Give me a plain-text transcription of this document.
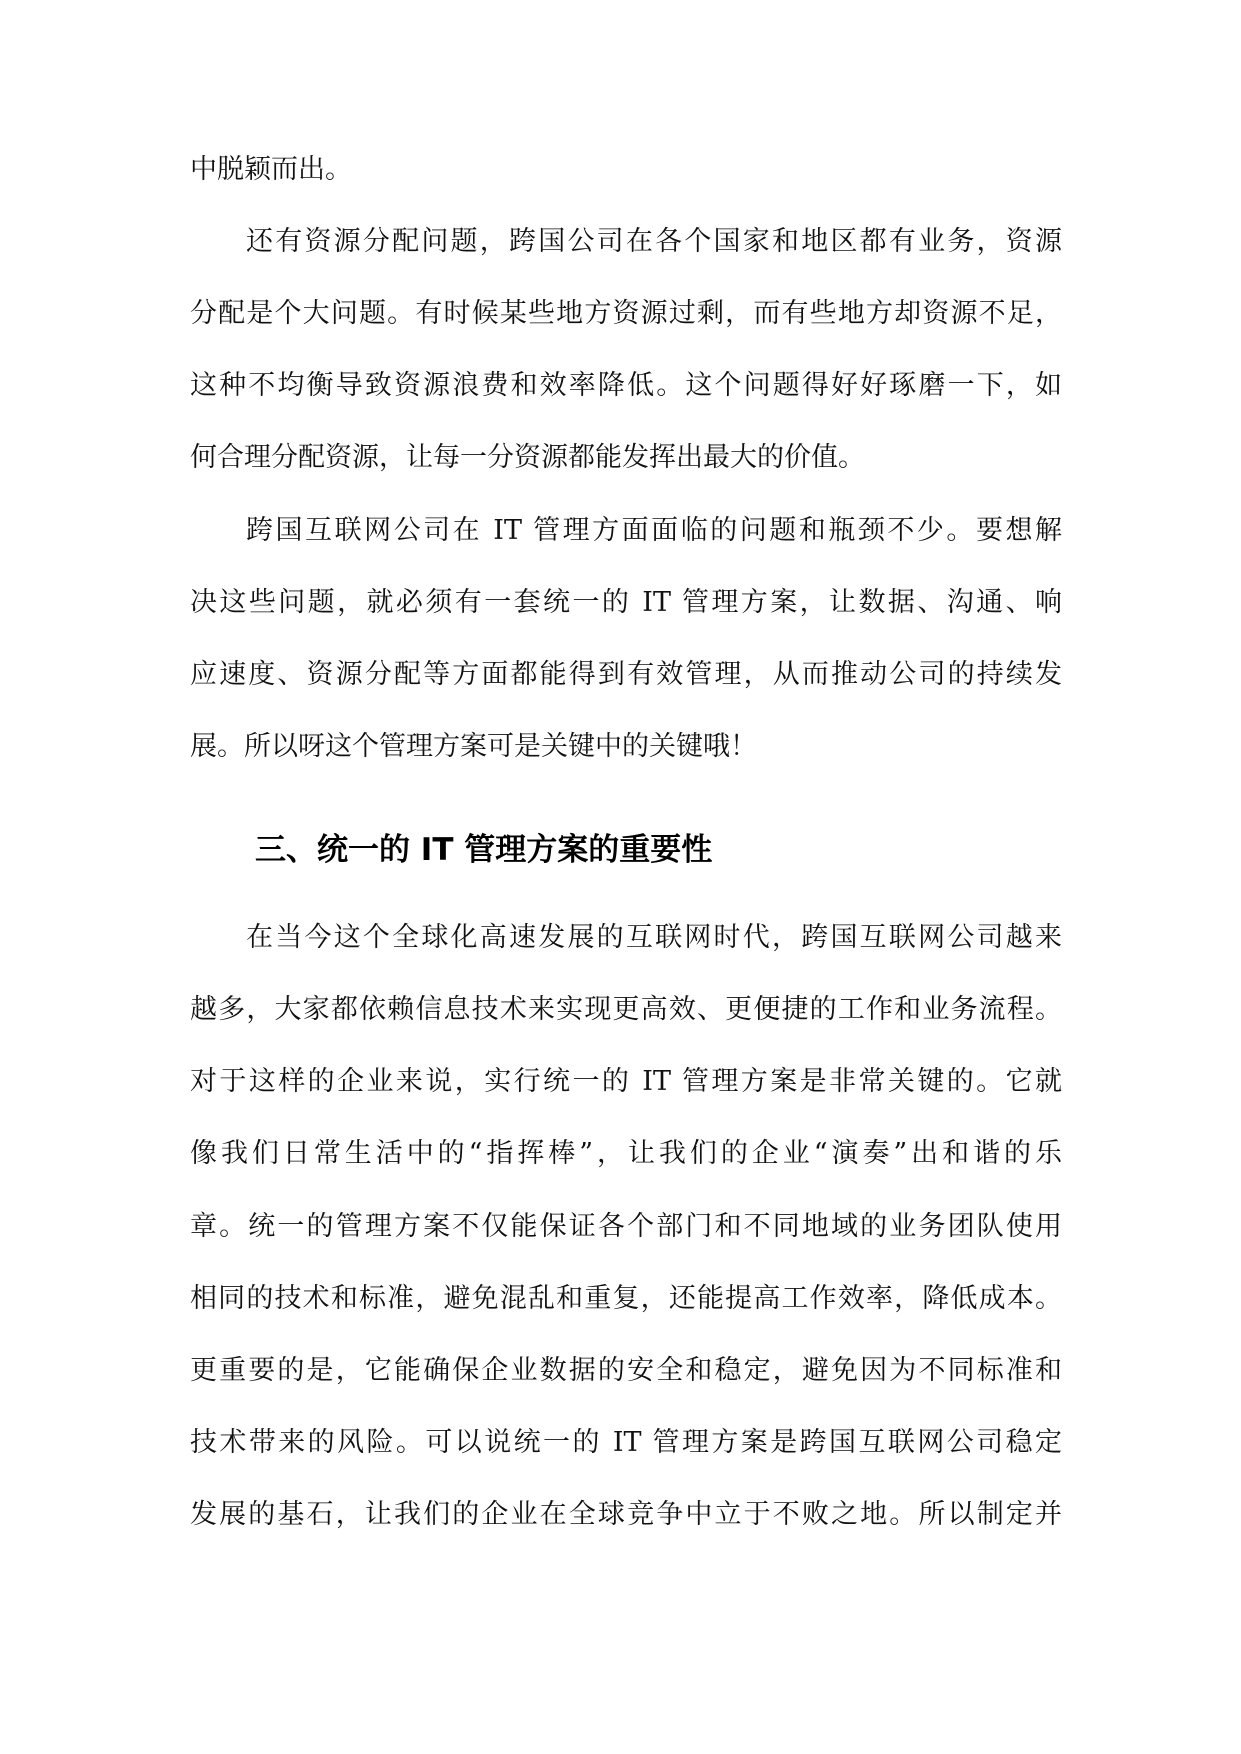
中脱颖而出。
还有资源分配问题，跨国公司在各个国家和地区都有业务，资源
分配是个大问题。有时候某些地方资源过剩，而有些地方却资源不足，
这种不均衡导致资源浪费和效率降低。这个问题得好好琢磨一下，如
何合理分配资源，让每一分资源都能发挥出最大的价值。
跨国互联网公司在 IT 管理方面面临的问题和瓶颈不少。要想解
决这些问题，就必须有一套统一的 IT 管理方案，让数据、沟通、响
应速度、资源分配等方面都能得到有效管理，从而推动公司的持续发
展。所以呀这个管理方案可是关键中的关键哦！
三、统一的 IT 管理方案的重要性
在当今这个全球化高速发展的互联网时代，跨国互联网公司越来
越多，大家都依赖信息技术来实现更高效、更便捷的工作和业务流程。
对于这样的企业来说，实行统一的 IT 管理方案是非常关键的。它就
像我们日常生活中的“指挥棒”，让我们的企业“演奏”出和谐的乐
章。统一的管理方案不仅能保证各个部门和不同地域的业务团队使用
相同的技术和标准，避免混乱和重复，还能提高工作效率，降低成本。
更重要的是，它能确保企业数据的安全和稳定，避免因为不同标准和
技术带来的风险。可以说统一的 IT 管理方案是跨国互联网公司稳定
发展的基石，让我们的企业在全球竞争中立于不败之地。所以制定并
